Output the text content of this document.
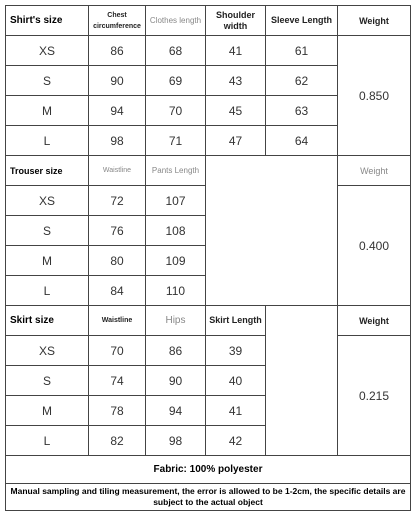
Shirt's size	Chest circumference	Clothes length	Shoulder width	Sleeve Length	Weight
XS	86	68	41	61	0.850
S	90	69	43	62	
M	94	70	45	63	
L	98	71	47	64	
Trouser size	Waistline	Pants Length			Weight
XS	72	107			0.400
S	76	108			
M	80	109			
L	84	110			
Skirt size	Waistline	Hips	Skirt Length		Weight
XS	70	86	39		0.215
S	74	90	40		
M	78	94	41		
L	82	98	42		
Fabric: 100% polyester					
Manual sampling and tiling measurement, the error is allowed to be 1-2cm, the specific details are subject to the actual object					
